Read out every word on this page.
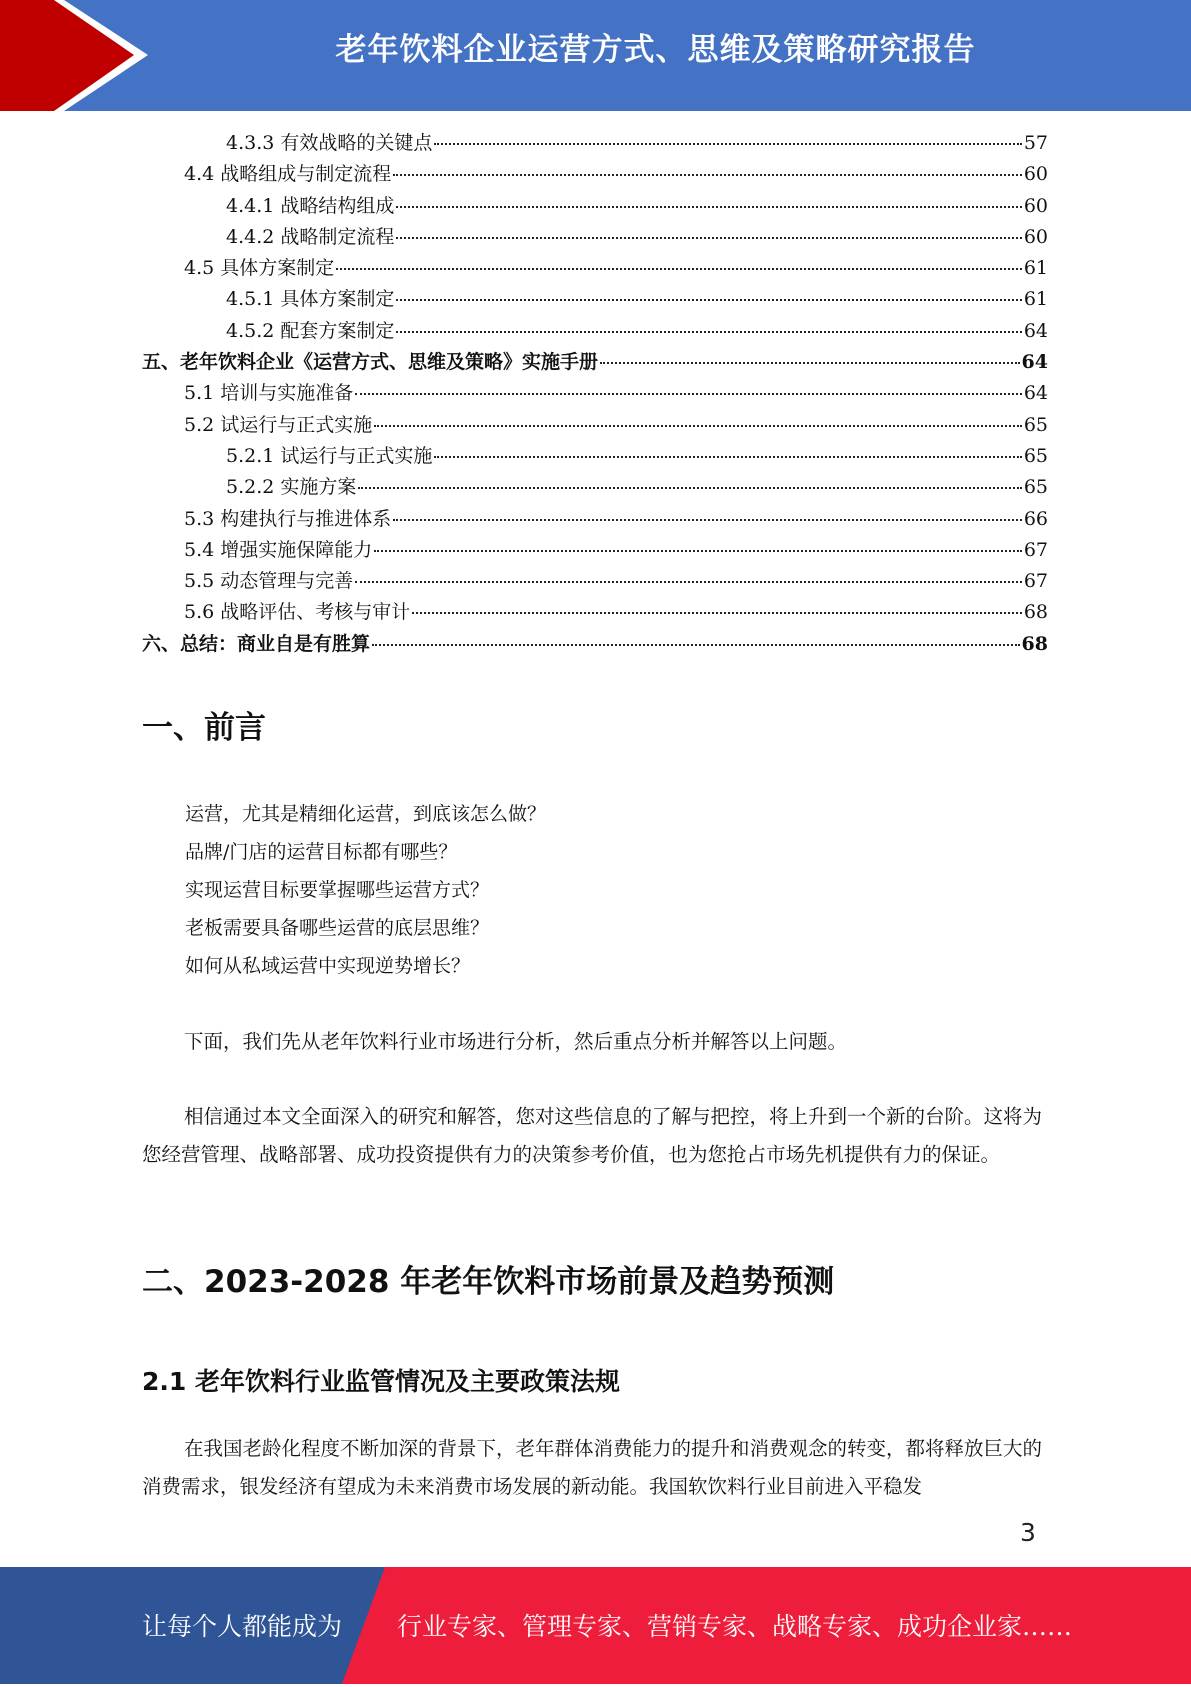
老年饮料企业运营方式、思维及策略研究报告
4.3.3 有效战略的关键点	57
4.4 战略组成与制定流程	60
4.4.1 战略结构组成	60
4.4.2 战略制定流程	60
4.5 具体方案制定	61
4.5.1 具体方案制定	61
4.5.2 配套方案制定	64
五、老年饮料企业《运营方式、思维及策略》实施手册	64
5.1 培训与实施准备	64
5.2 试运行与正式实施	65
5.2.1 试运行与正式实施	65
5.2.2 实施方案	65
5.3 构建执行与推进体系	66
5.4 增强实施保障能力	67
5.5 动态管理与完善	67
5.6 战略评估、考核与审计	68
六、总结：商业自是有胜算	68
一、前言
运营，尤其是精细化运营，到底该怎么做？
品牌/门店的运营目标都有哪些？
实现运营目标要掌握哪些运营方式？
老板需要具备哪些运营的底层思维？
如何从私域运营中实现逆势增长？
下面，我们先从老年饮料行业市场进行分析，然后重点分析并解答以上问题。
相信通过本文全面深入的研究和解答，您对这些信息的了解与把控，将上升到一个新的台阶。这将为您经营管理、战略部署、成功投资提供有力的决策参考价值，也为您抢占市场先机提供有力的保证。
二、2023-2028 年老年饮料市场前景及趋势预测
2.1 老年饮料行业监管情况及主要政策法规
在我国老龄化程度不断加深的背景下，老年群体消费能力的提升和消费观念的转变，都将释放巨大的消费需求，银发经济有望成为未来消费市场发展的新动能。我国软饮料行业目前进入平稳发
3
让每个人都能成为 行业专家、管理专家、营销专家、战略专家、成功企业家……
